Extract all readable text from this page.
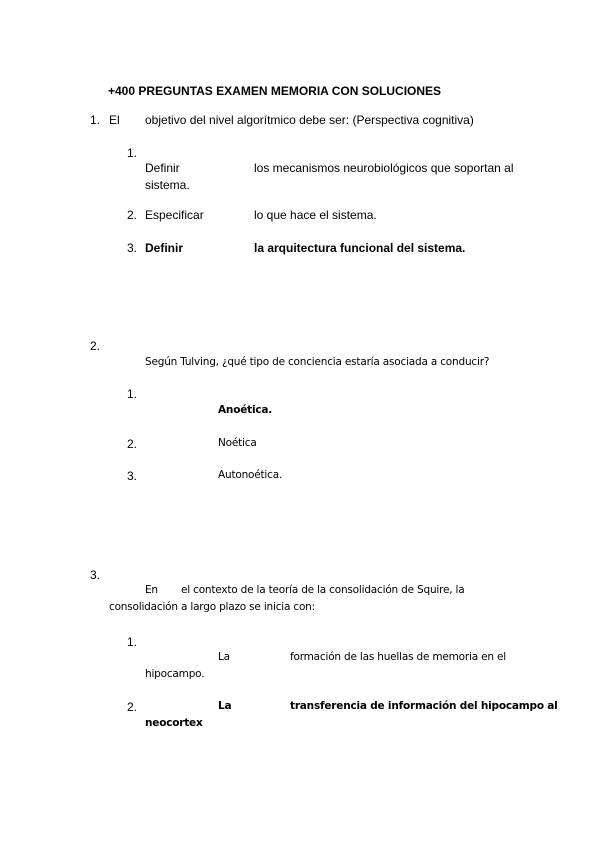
+400 PREGUNTAS EXAMEN MEMORIA CON SOLUCIONES
1. El objetivo del nivel algorítmico debe ser: (Perspectiva cognitiva)
1.
Definir	los mecanismos neurobiológicos que soportan al
sistema.
2. Especificar	lo que hace el sistema.
3. Definir	la arquitectura funcional del sistema.
2.
Según Tulving, ¿qué tipo de conciencia estaría asociada a conducir?
1.
Anoética.
2.	Noética
3.	Autonoética.
3.
En el contexto de la teoría de la consolidación de Squire, la
consolidación a largo plazo se inicia con:
1.
La	formación de las huellas de memoria en el
hipocampo.
2.	La	transferencia de información del hipocampo al
neocortex
